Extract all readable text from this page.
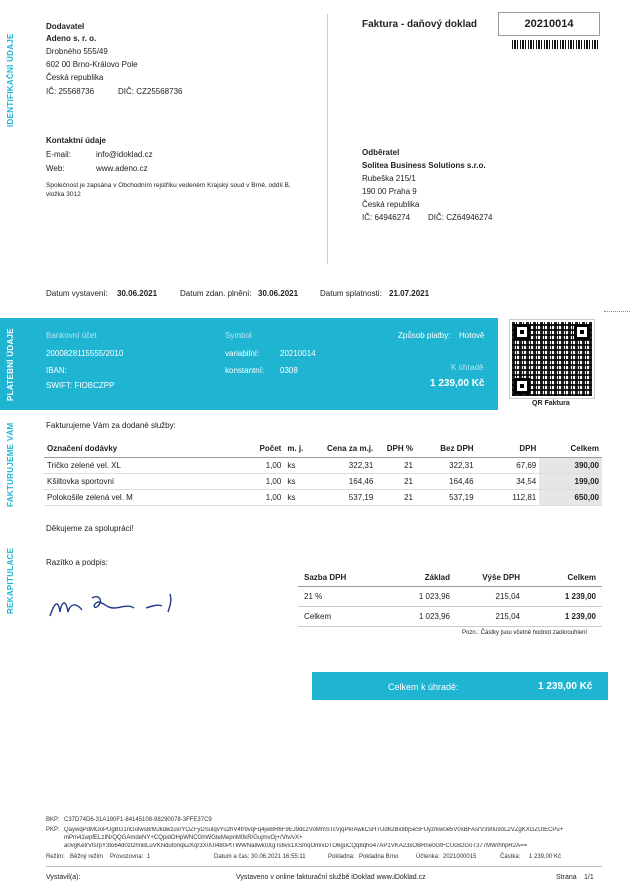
IDENTIFIKAČNÍ ÚDAJE
Dodavatel
Adeno s. r. o.
Drobného 555/49
602 00 Brno-Královo Pole
Česká republika
IČ: 25568736	DIČ: CZ25568736
Faktura - daňový doklad	20210014
Kontaktní údaje
E-mail:	info@idoklad.cz
Web:	www.adeno.cz
Společnost je zapsána v Obchodním rejstříku vedeném Krajský soud v Brně, oddíl B,
vložka 3012
Odběratel
Solitea Business Solutions s.r.o.
Rubeška 215/1
190 00 Praha 9
Česká republika
IČ: 64946274 DIČ: CZ64946274
Datum vystavení: 30.06.2021	Datum zdan. plnění: 30.06.2021	Datum splatnosti: 21.07.2021
PLATEBNÍ ÚDAJE	Bankovní účet
2000828115555/2010
IBAN:
SWIFT: FIOBCZPP
Symbol
variabilní:	20210014
konstantní: 0308
Způsob platby: Hotově
K úhradě
1 239,00 Kč
QR Faktura
FAKTURUJEME VÁM	Fakturujeme Vám za dodané služby:
Označení dodávky	Počet	m. j.	Cena za m.j.	DPH %	Bez DPH	DPH	Celkem
Tričko zelené vel. XL	1,00	ks	322,31	21	322,31	67,69	390,00
Kšiltovka sportovní	1,00	ks	164,46	21	164,46	34,54	199,00
Polokošile zelená vel. M	1,00	ks	537,19	21	537,19	112,81	650,00
Děkujeme za spolupráci!
REKAPITULACE	Razítko a podpis:
Sazba DPH	Základ	Výše DPH	Celkem
21 %	1 023,96	215,04	1 239,00
Celkem	1 023,96	215,04	1 239,00
Pozn.: Částky jsou včetně hodnot zaokrouhlení
Celkem k úhradě:	1 239,00 Kč
BKP: C37D74D6-31A190F1-84145108-98290078-3FFE37C9
PKP: QaywqPdMOoPUgBG1nGolws8/MJkdwzux/YOZFyDSulqvYu2hV4fr9vqFq4jwBR6F9EJ9dc2VoMmSTcVjqPkrAwkCsHTUd62Bx8bj5eSFUyzrkw0e5V0xBFAsrV390u9oL2VZgKXGZUIECPu+
mPm41wpfELzINrQQGAmdeNY+CQpidOHpWNCGhWGteMepnM0kR/GujmvOj+/Vtv/vX+
a0vgKetrVtsrpY3to64d0zl2hnBLuVKNdufonqkZKqr3X0UI480PtTWWNaIlwk0XgTs6vx1XSmqOmivDTO6guCQq8qho47AP1VKA23xOBRne0GtFCUcB2GoT377MW/hhpR2A==
Režim: Běžný režim Provozovna: 1	Datum a čas: 30.06.2021 16:55:11	Pokladna: Pokladna Brno	Účtenka: 2021000015	Částka: 1 239,00 Kč
Vystavil(a):	Vystaveno v online fakturační službě iDoklad www.iDoklad.cz	Strana 1/1
